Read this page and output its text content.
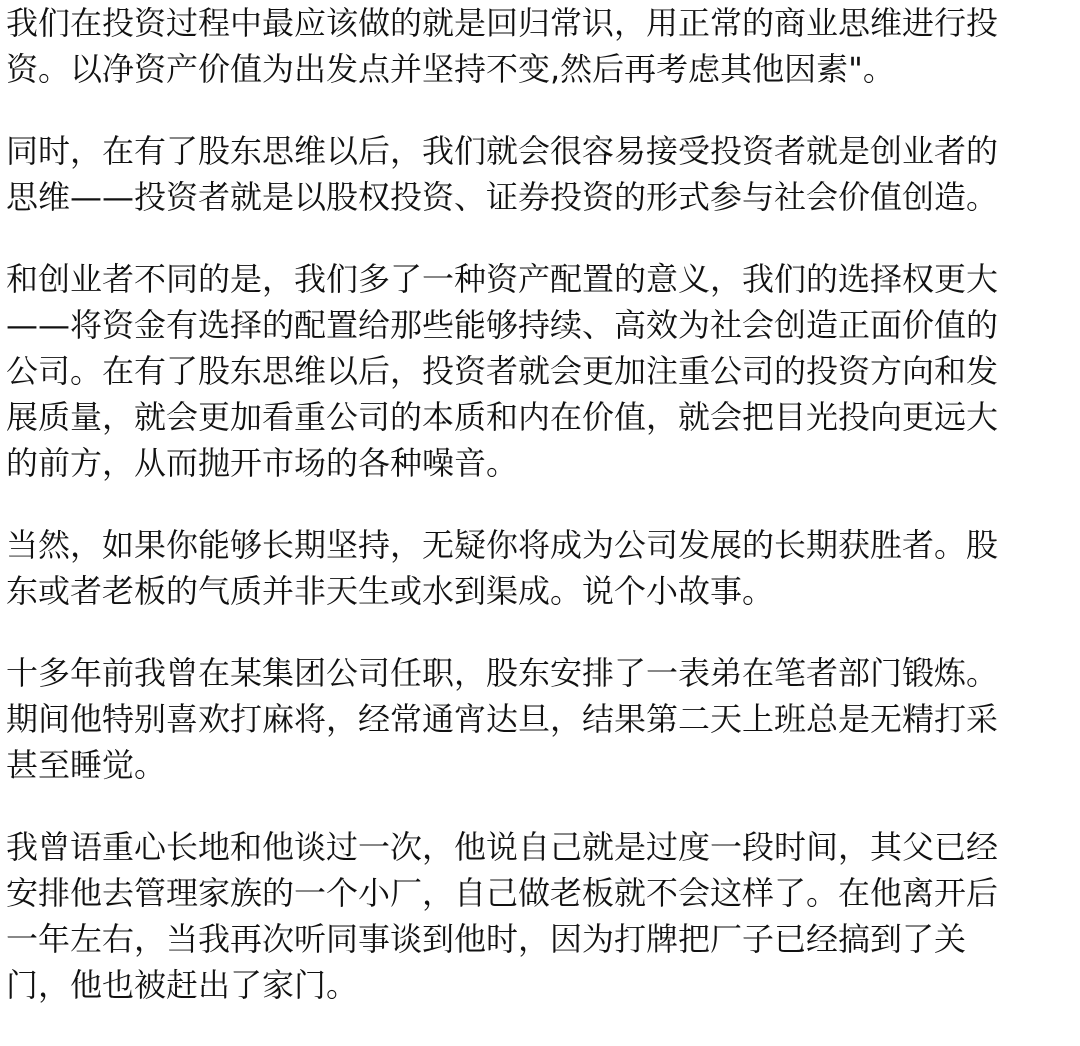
我们在投资过程中最应该做的就是回归常识，用正常的商业思维进行投
资。以净资产价值为出发点并坚持不变,然后再考虑其他因素"。

同时，在有了股东思维以后，我们就会很容易接受投资者就是创业者的
思维——投资者就是以股权投资、证券投资的形式参与社会价值创造。

和创业者不同的是，我们多了一种资产配置的意义，我们的选择权更大
——将资金有选择的配置给那些能够持续、高效为社会创造正面价值的
公司。在有了股东思维以后，投资者就会更加注重公司的投资方向和发
展质量，就会更加看重公司的本质和内在价值，就会把目光投向更远大
的前方，从而抛开市场的各种噪音。

当然，如果你能够长期坚持，无疑你将成为公司发展的长期获胜者。股
东或者老板的气质并非天生或水到渠成。说个小故事。

十多年前我曾在某集团公司任职，股东安排了一表弟在笔者部门锻炼。
期间他特别喜欢打麻将，经常通宵达旦，结果第二天上班总是无精打采
甚至睡觉。

我曾语重心长地和他谈过一次，他说自己就是过度一段时间，其父已经
安排他去管理家族的一个小厂，自己做老板就不会这样了。在他离开后
一年左右，当我再次听同事谈到他时，因为打牌把厂子已经搞到了关
门，他也被赶出了家门。
